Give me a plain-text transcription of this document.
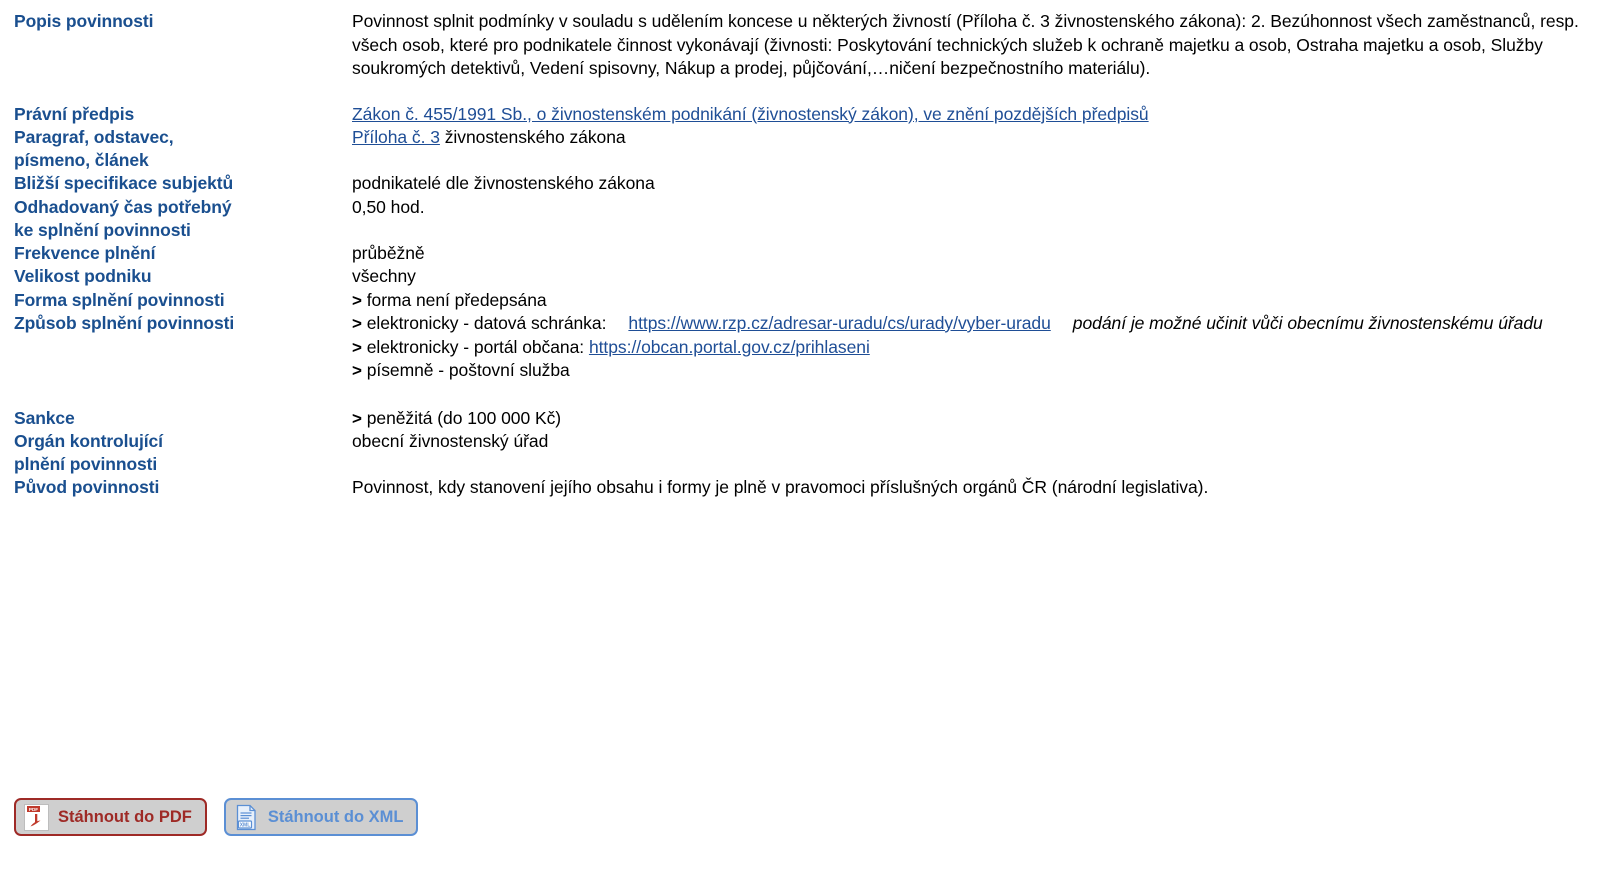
Popis povinnosti	Povinnost splnit podmínky v souladu s udělením koncese u některých živností (Příloha č. 3 živnostenského zákona): 2. Bezúhonnost všech zaměstnanců, resp. všech osob, které pro podnikatele činnost vykonávají (živnosti: Poskytování technických služeb k ochraně majetku a osob, Ostraha majetku a osob, Služby soukromých detektivů, Vedení spisovny, Nákup a prodej, půjčování,…ničení bezpečnostního materiálu).
Právní předpis	Zákon č. 455/1991 Sb., o živnostenském podnikání (živnostenský zákon), ve znění pozdějších předpisů
Paragraf, odstavec,
písmeno, článek	Příloha č. 3 živnostenského zákona
Bližší specifikace subjektů	podnikatelé dle živnostenského zákona
Odhadovaný čas potřebný
ke splnění povinnosti	0,50 hod.
Frekvence plnění	průběžně
Velikost podniku	všechny
Forma splnění povinnosti	> forma není předepsána
Způsob splnění povinnosti	> elektronicky - datová schránka: https://www.rzp.cz/adresar-uradu/cs/urady/vyber-uradu podání je možné učinit vůči obecnímu živnostenskému úřadu
> elektronicky - portál občana: https://obcan.portal.gov.cz/prihlaseni
> písemně - poštovní služba
Sankce	> peněžitá (do 100 000 Kč)
Orgán kontrolující
plnění povinnosti	obecní živnostenský úřad
Původ povinnosti	Povinnost, kdy stanovení jejího obsahu i formy je plně v pravomoci příslušných orgánů ČR (národní legislativa).
PDF Stáhnout do PDF	XML Stáhnout do XML
